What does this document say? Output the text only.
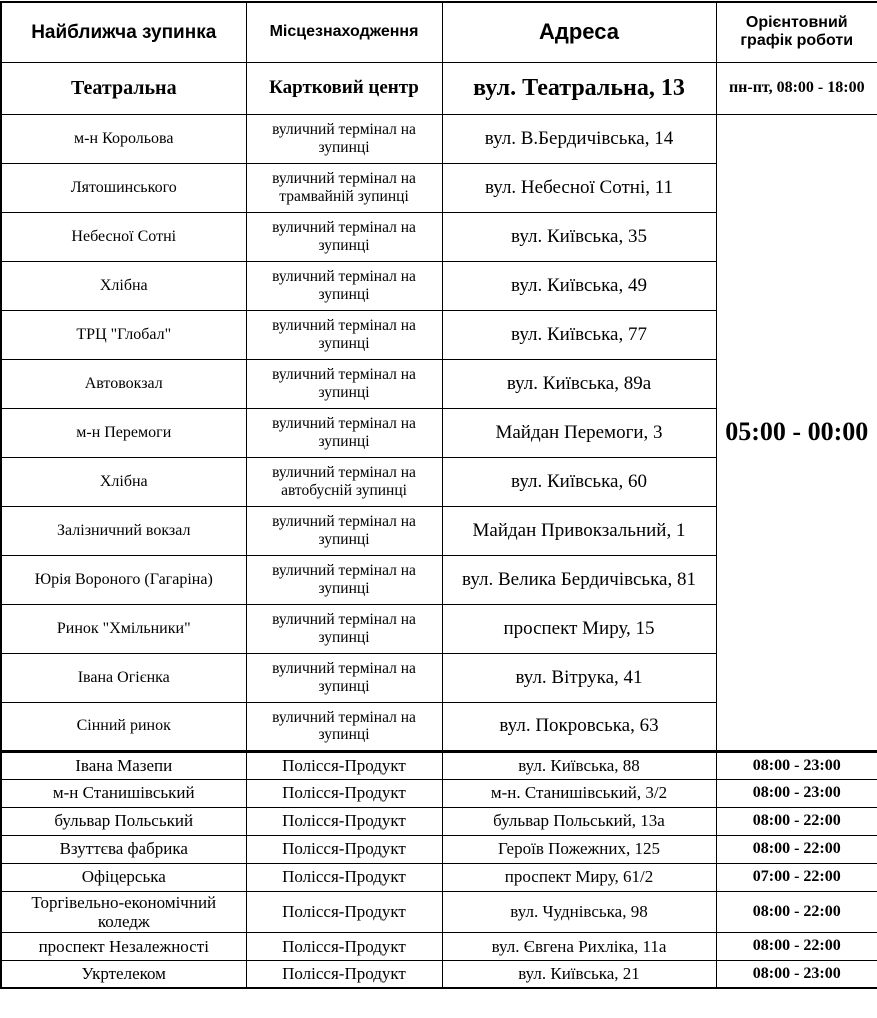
Найближча зупинка	Місцезнаходження	Адреса	Орієнтовний графік роботи
Театральна	Картковий центр	вул. Театральна, 13	пн-пт, 08:00 - 18:00
м-н Корольова	вуличний термінал на зупинці	вул. В.Бердичівська, 14	05:00 - 00:00
Лятошинського	вуличний термінал на трамвайній зупинці	вул. Небесної Сотні, 11	
Небесної Сотні	вуличний термінал на зупинці	вул. Київська, 35	
Хлібна	вуличний термінал на зупинці	вул. Київська, 49	
ТРЦ "Глобал"	вуличний термінал на зупинці	вул. Київська, 77	
Автовокзал	вуличний термінал на зупинці	вул. Київська, 89а	
м-н Перемоги	вуличний термінал на зупинці	Майдан Перемоги, 3	
Хлібна	вуличний термінал на автобусній зупинці	вул. Київська, 60	
Залізничний вокзал	вуличний термінал на зупинці	Майдан Привокзальний, 1	
Юрія Вороного (Гагаріна)	вуличний термінал на зупинці	вул. Велика Бердичівська, 81	
Ринок "Хмільники"	вуличний термінал на зупинці	проспект Миру, 15	
Івана Огієнка	вуличний термінал на зупинці	вул. Вітрука, 41	
Сінний ринок	вуличний термінал на зупинці	вул. Покровська, 63	
Івана Мазепи	Полісся-Продукт	вул. Київська, 88	08:00 - 23:00
м-н Станишівський	Полісся-Продукт	м-н. Станишівський, 3/2	08:00 - 23:00
бульвар Польський	Полісся-Продукт	бульвар Польський, 13а	08:00 - 22:00
Взуттєва фабрика	Полісся-Продукт	Героїв Пожежних, 125	08:00 - 22:00
Офіцерська	Полісся-Продукт	проспект Миру, 61/2	07:00 - 22:00
Торгівельно-економічний коледж	Полісся-Продукт	вул. Чуднівська, 98	08:00 - 22:00
проспект Незалежності	Полісся-Продукт	вул. Євгена Рихліка, 11а	08:00 - 22:00
Укртелеком	Полісся-Продукт	вул. Київська, 21	08:00 - 23:00
